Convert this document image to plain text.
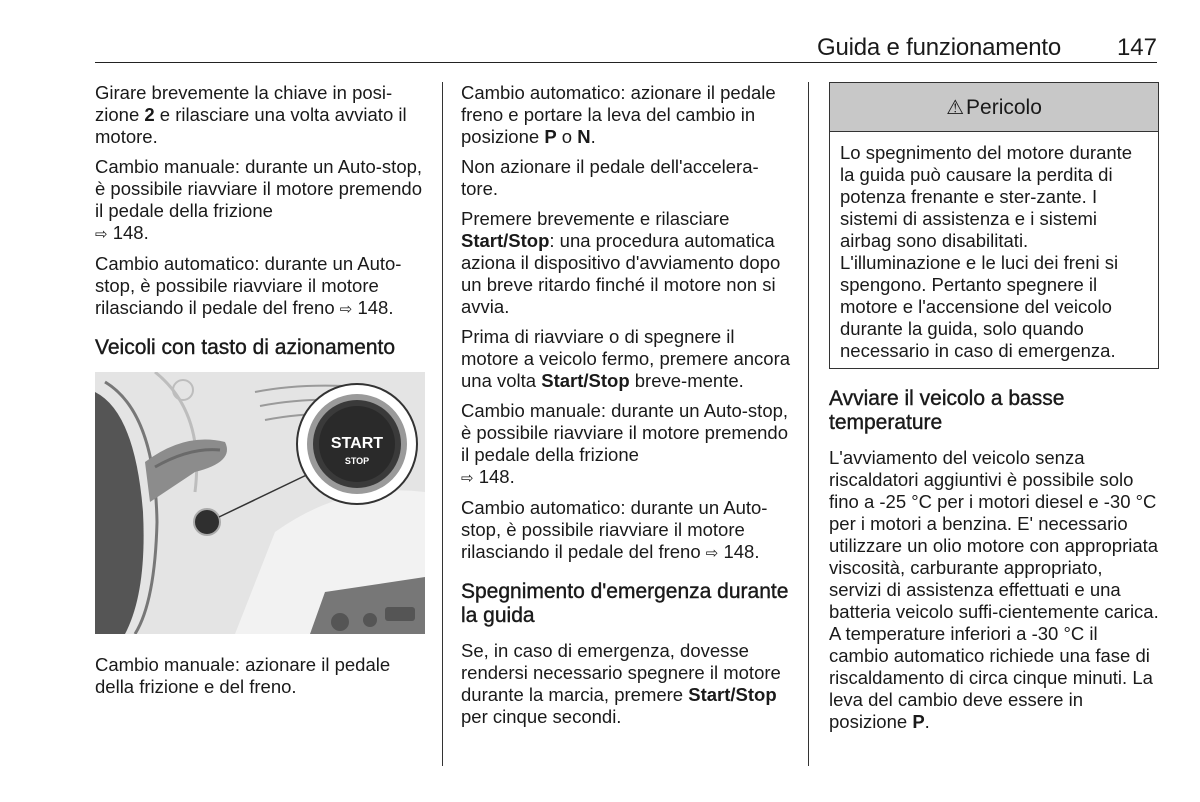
Guida e funzionamento 147

Girare brevemente la chiave in posi-zione 2 e rilasciare una volta avviato il motore.

Cambio manuale: durante un Auto-stop, è possibile riavviare il motore premendo il pedale della frizione
⇨ 148.

Cambio automatico: durante un Auto-stop, è possibile riavviare il motore rilasciando il pedale del freno ⇨ 148.

Veicoli con tasto di azionamento
START
STOP

Cambio manuale: azionare il pedale della frizione e del freno.

Cambio automatico: azionare il pedale freno e portare la leva del cambio in posizione P o N.

Non azionare il pedale dell'accelera-tore.

Premere brevemente e rilasciare Start/Stop: una procedura automatica aziona il dispositivo d'avviamento dopo un breve ritardo finché il motore non si avvia.

Prima di riavviare o di spegnere il motore a veicolo fermo, premere ancora una volta Start/Stop breve-mente.

Cambio manuale: durante un Auto-stop, è possibile riavviare il motore premendo il pedale della frizione
⇨ 148.

Cambio automatico: durante un Auto-stop, è possibile riavviare il motore rilasciando il pedale del freno ⇨ 148.

Spegnimento d'emergenza durante la guida

Se, in caso di emergenza, dovesse rendersi necessario spegnere il motore durante la marcia, premere Start/Stop per cinque secondi.

⚠Pericolo

Lo spegnimento del motore durante la guida può causare la perdita di potenza frenante e ster-zante. I sistemi di assistenza e i sistemi airbag sono disabilitati. L'illuminazione e le luci dei freni si spengono. Pertanto spegnere il motore e l'accensione del veicolo durante la guida, solo quando necessario in caso di emergenza.

Avviare il veicolo a basse temperature

L'avviamento del veicolo senza riscaldatori aggiuntivi è possibile solo fino a -25 °C per i motori diesel e -30 °C per i motori a benzina. E' necessario utilizzare un olio motore con appropriata viscosità, carburante appropriato, servizi di assistenza effettuati e una batteria veicolo suffi-cientemente carica. A temperature inferiori a -30 °C il cambio automatico richiede una fase di riscaldamento di circa cinque minuti. La leva del cambio deve essere in posizione P.
